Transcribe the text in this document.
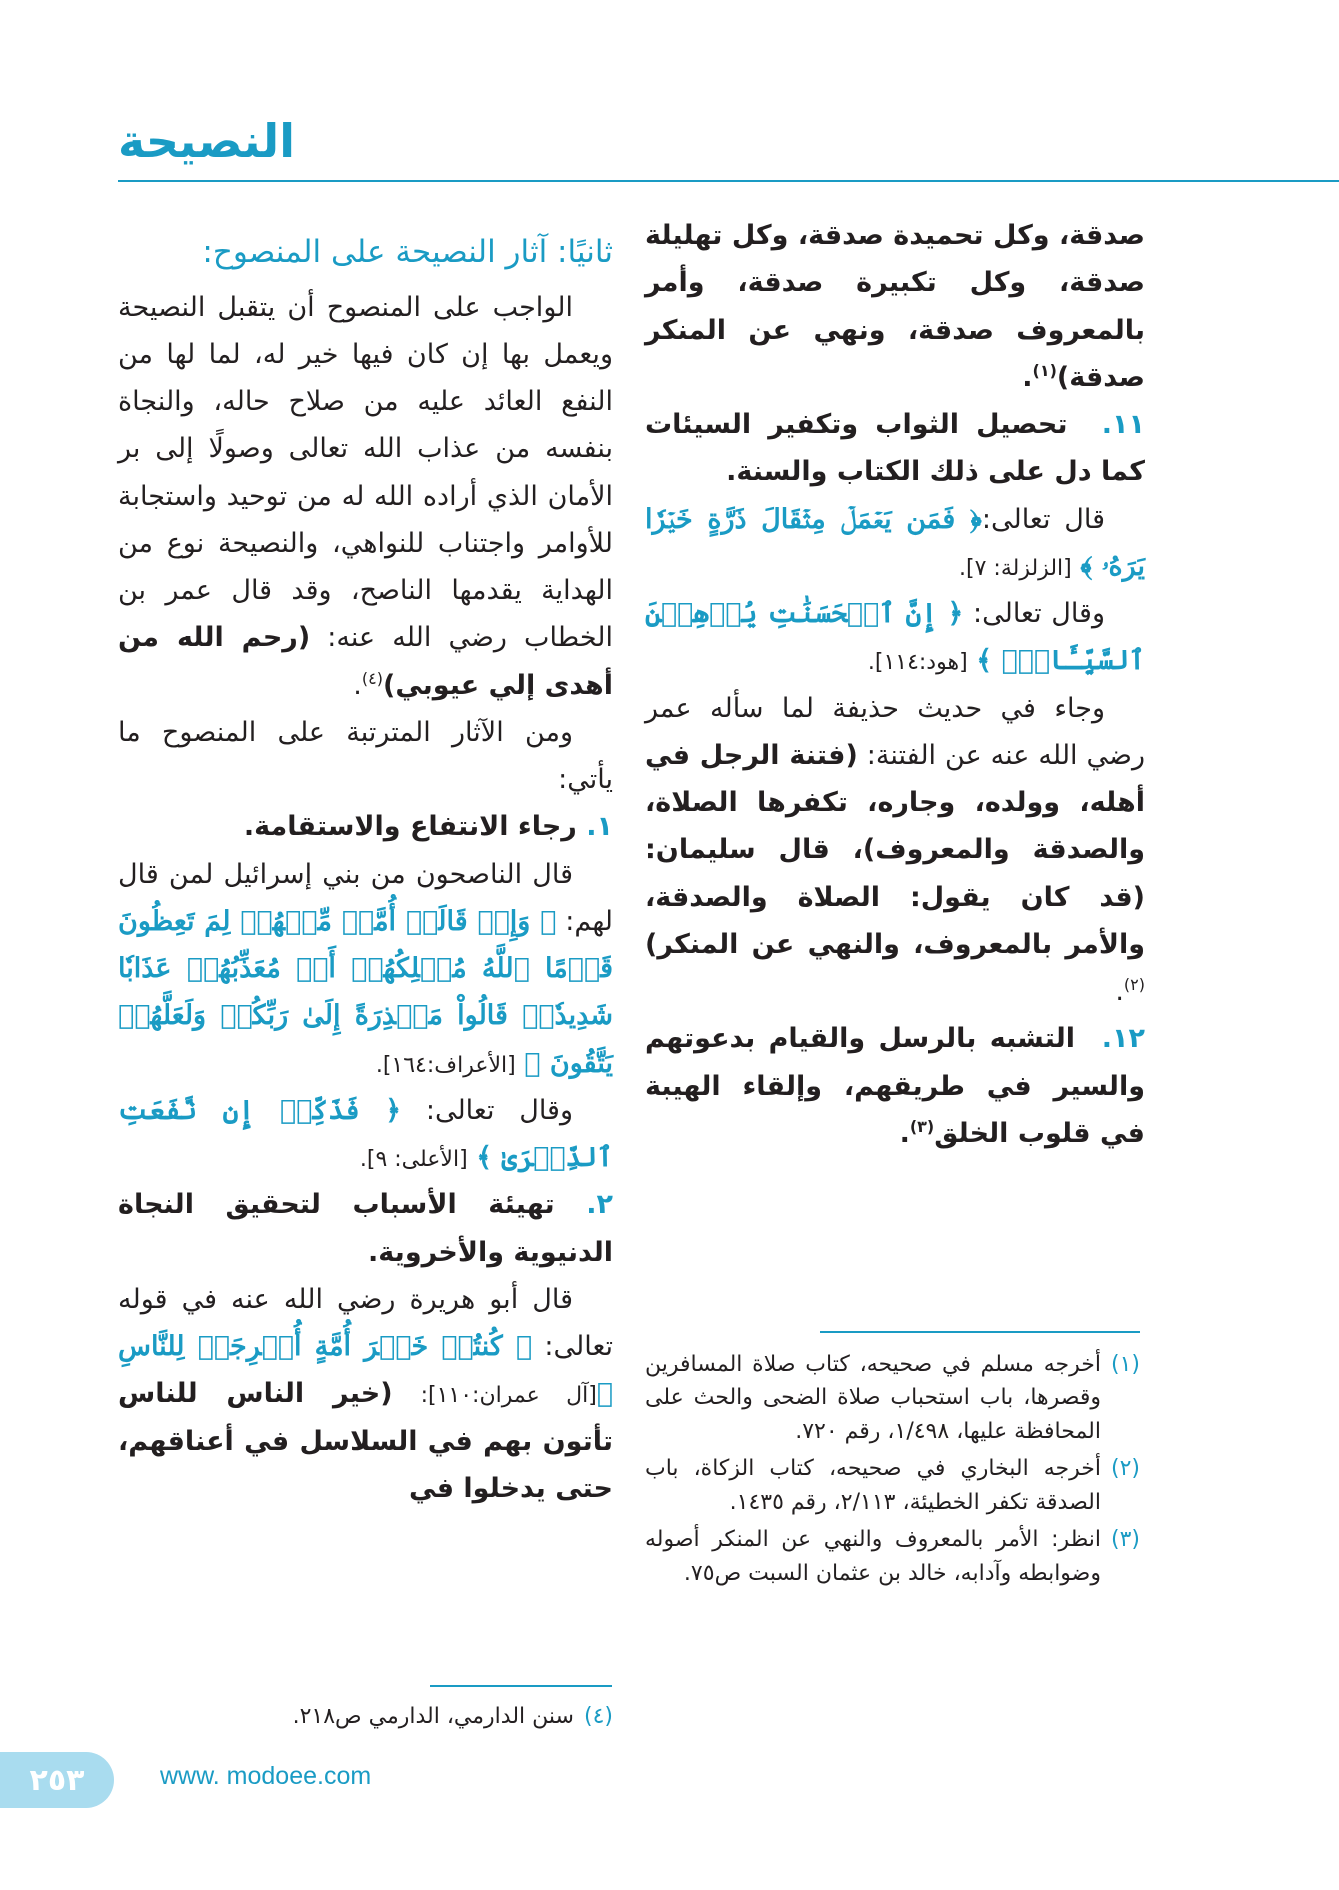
النصيحة

صدقة، وكل تحميدة صدقة، وكل تهليلة صدقة، وكل تكبيرة صدقة، وأمر بالمعروف صدقة، ونهي عن المنكر صدقة)$^{(١)}$.

١١.  تحصيل الثواب وتكفير السيئات كما دل على ذلك الكتاب والسنة.

قال تعالى:﴿ فَمَن يَعۡمَلۡ مِثۡقَالَ ذَرَّةٍ خَيۡرٗا يَرَهُۥ ﴾ [الزلزلة: ٧].

وقال تعالى: ﴿ إِنَّ ٱلۡحَسَنَٰتِ يُذۡهِبۡنَ ٱلسَّيِّـَٔاتِۚ ﴾ [هود:١١٤].

وجاء في حديث حذيفة لما سأله عمر رضي الله عنه عن الفتنة: (فتنة الرجل في أهله، وولده، وجاره، تكفرها الصلاة، والصدقة والمعروف)، قال سليمان: (قد كان يقول: الصلاة والصدقة، والأمر بالمعروف، والنهي عن المنكر)$^{(٢)}$.

١٢.  التشبه بالرسل والقيام بدعوتهم والسير في طريقهم، وإلقاء الهيبة في قلوب الخلق$^{(٣)}$.

ثانيًا: آثار النصيحة على المنصوح:

الواجب على المنصوح أن يتقبل النصيحة ويعمل بها إن كان فيها خير له، لما لها من النفع العائد عليه من صلاح حاله، والنجاة بنفسه من عذاب الله تعالى وصولًا إلى بر الأمان الذي أراده الله له من توحيد واستجابة للأوامر واجتناب للنواهي، والنصيحة نوع من الهداية يقدمها الناصح، وقد قال عمر بن الخطاب رضي الله عنه: (رحم الله من أهدى إلي عيوبي)$^{(٤)}$.

ومن الآثار المترتبة على المنصوح ما يأتي:

١. رجاء الانتفاع والاستقامة.

قال الناصحون من بني إسرائيل لمن قال لهم: ﴿ وَإِذۡ قَالَتۡ أُمَّةٞ مِّنۡهُمۡ لِمَ تَعِظُونَ قَوۡمًا ٱللَّهُ مُهۡلِكُهُمۡ أَوۡ مُعَذِّبُهُمۡ عَذَابٗا شَدِيدٗاۖ قَالُواْ مَعۡذِرَةً إِلَىٰ رَبِّكُمۡ وَلَعَلَّهُمۡ يَتَّقُونَ ﴾ [الأعراف:١٦٤].

وقال تعالى: ﴿ فَذَكِّرۡ إِن نَّفَعَتِ ٱلذِّكۡرَىٰ ﴾ [الأعلى: ٩].

٢. تهيئة الأسباب لتحقيق النجاة الدنيوية والأخروية.

قال أبو هريرة رضي الله عنه في قوله تعالى: ﴿ كُنتُمۡ خَيۡرَ أُمَّةٍ أُخۡرِجَتۡ لِلنَّاسِ ﴾[آل عمران:١١٠]: (خير الناس للناس تأتون بهم في السلاسل في أعناقهم، حتى يدخلوا في

(١)
أخرجه مسلم في صحيحه، كتاب صلاة المسافرين وقصرها، باب استحباب صلاة الضحى والحث على المحافظة عليها، ١/٤٩٨، رقم ٧٢٠.
(٢)
أخرجه البخاري في صحيحه، كتاب الزكاة، باب الصدقة تكفر الخطيئة، ٢/١١٣، رقم ١٤٣٥.
(٣)
انظر: الأمر بالمعروف والنهي عن المنكر أصوله وضوابطه وآدابه، خالد بن عثمان السبت ص٧٥.
(٤)
سنن الدارمي، الدارمي ص٢١٨.
٢٥٣	www. modoee.com
